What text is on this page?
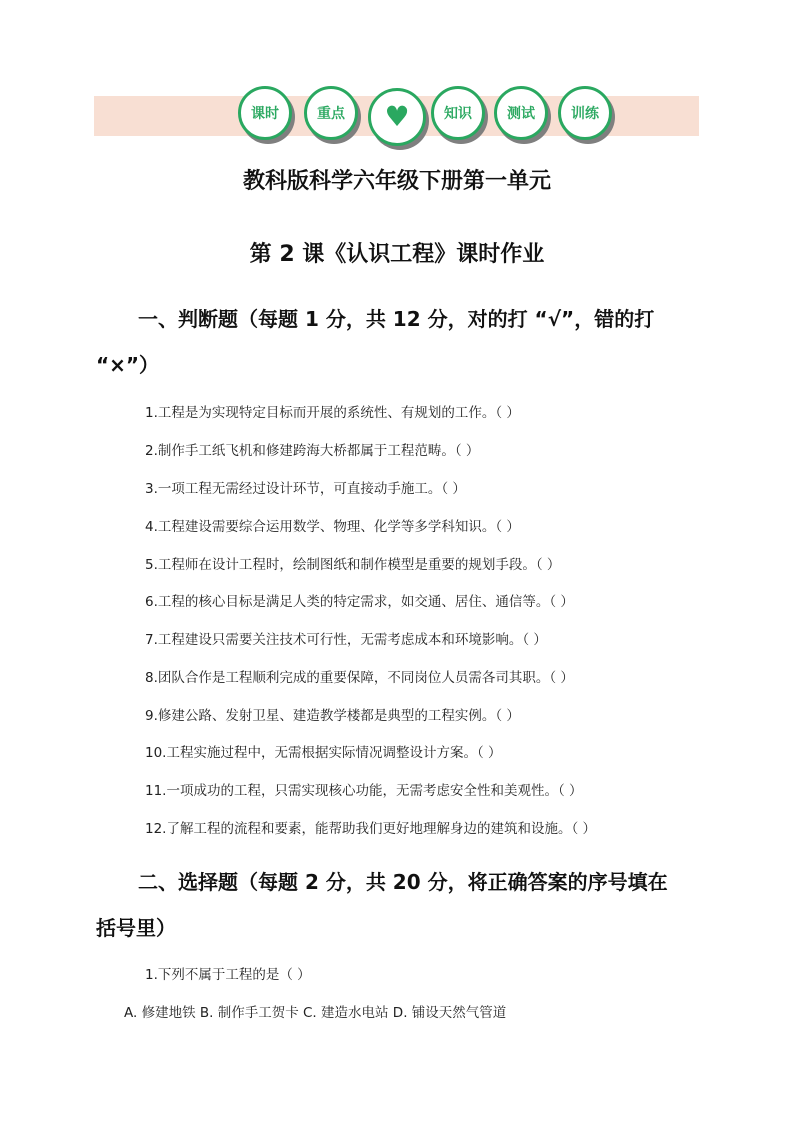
课时	重点 ♥ 知识	测试	训练
教科版科学六年级下册第一单元
第 2 课《认识工程》课时作业
一、判断题（每题 1 分，共 12 分，对的打 “√”，错的打
“×”）
1.工程是为实现特定目标而开展的系统性、有规划的工作。（ ）
2.制作手工纸飞机和修建跨海大桥都属于工程范畴。（ ）
3.一项工程无需经过设计环节，可直接动手施工。（ ）
4.工程建设需要综合运用数学、物理、化学等多学科知识。（ ）
5.工程师在设计工程时，绘制图纸和制作模型是重要的规划手段。（ ）
6.工程的核心目标是满足人类的特定需求，如交通、居住、通信等。（ ）
7.工程建设只需要关注技术可行性，无需考虑成本和环境影响。（ ）
8.团队合作是工程顺利完成的重要保障，不同岗位人员需各司其职。（ ）
9.修建公路、发射卫星、建造教学楼都是典型的工程实例。（ ）
10.工程实施过程中，无需根据实际情况调整设计方案。（ ）
11.一项成功的工程，只需实现核心功能，无需考虑安全性和美观性。（ ）
12.了解工程的流程和要素，能帮助我们更好地理解身边的建筑和设施。（ ）
二、选择题（每题 2 分，共 20 分，将正确答案的序号填在
括号里）
1.下列不属于工程的是（ ）
A. 修建地铁 B. 制作手工贺卡 C. 建造水电站 D. 铺设天然气管道
